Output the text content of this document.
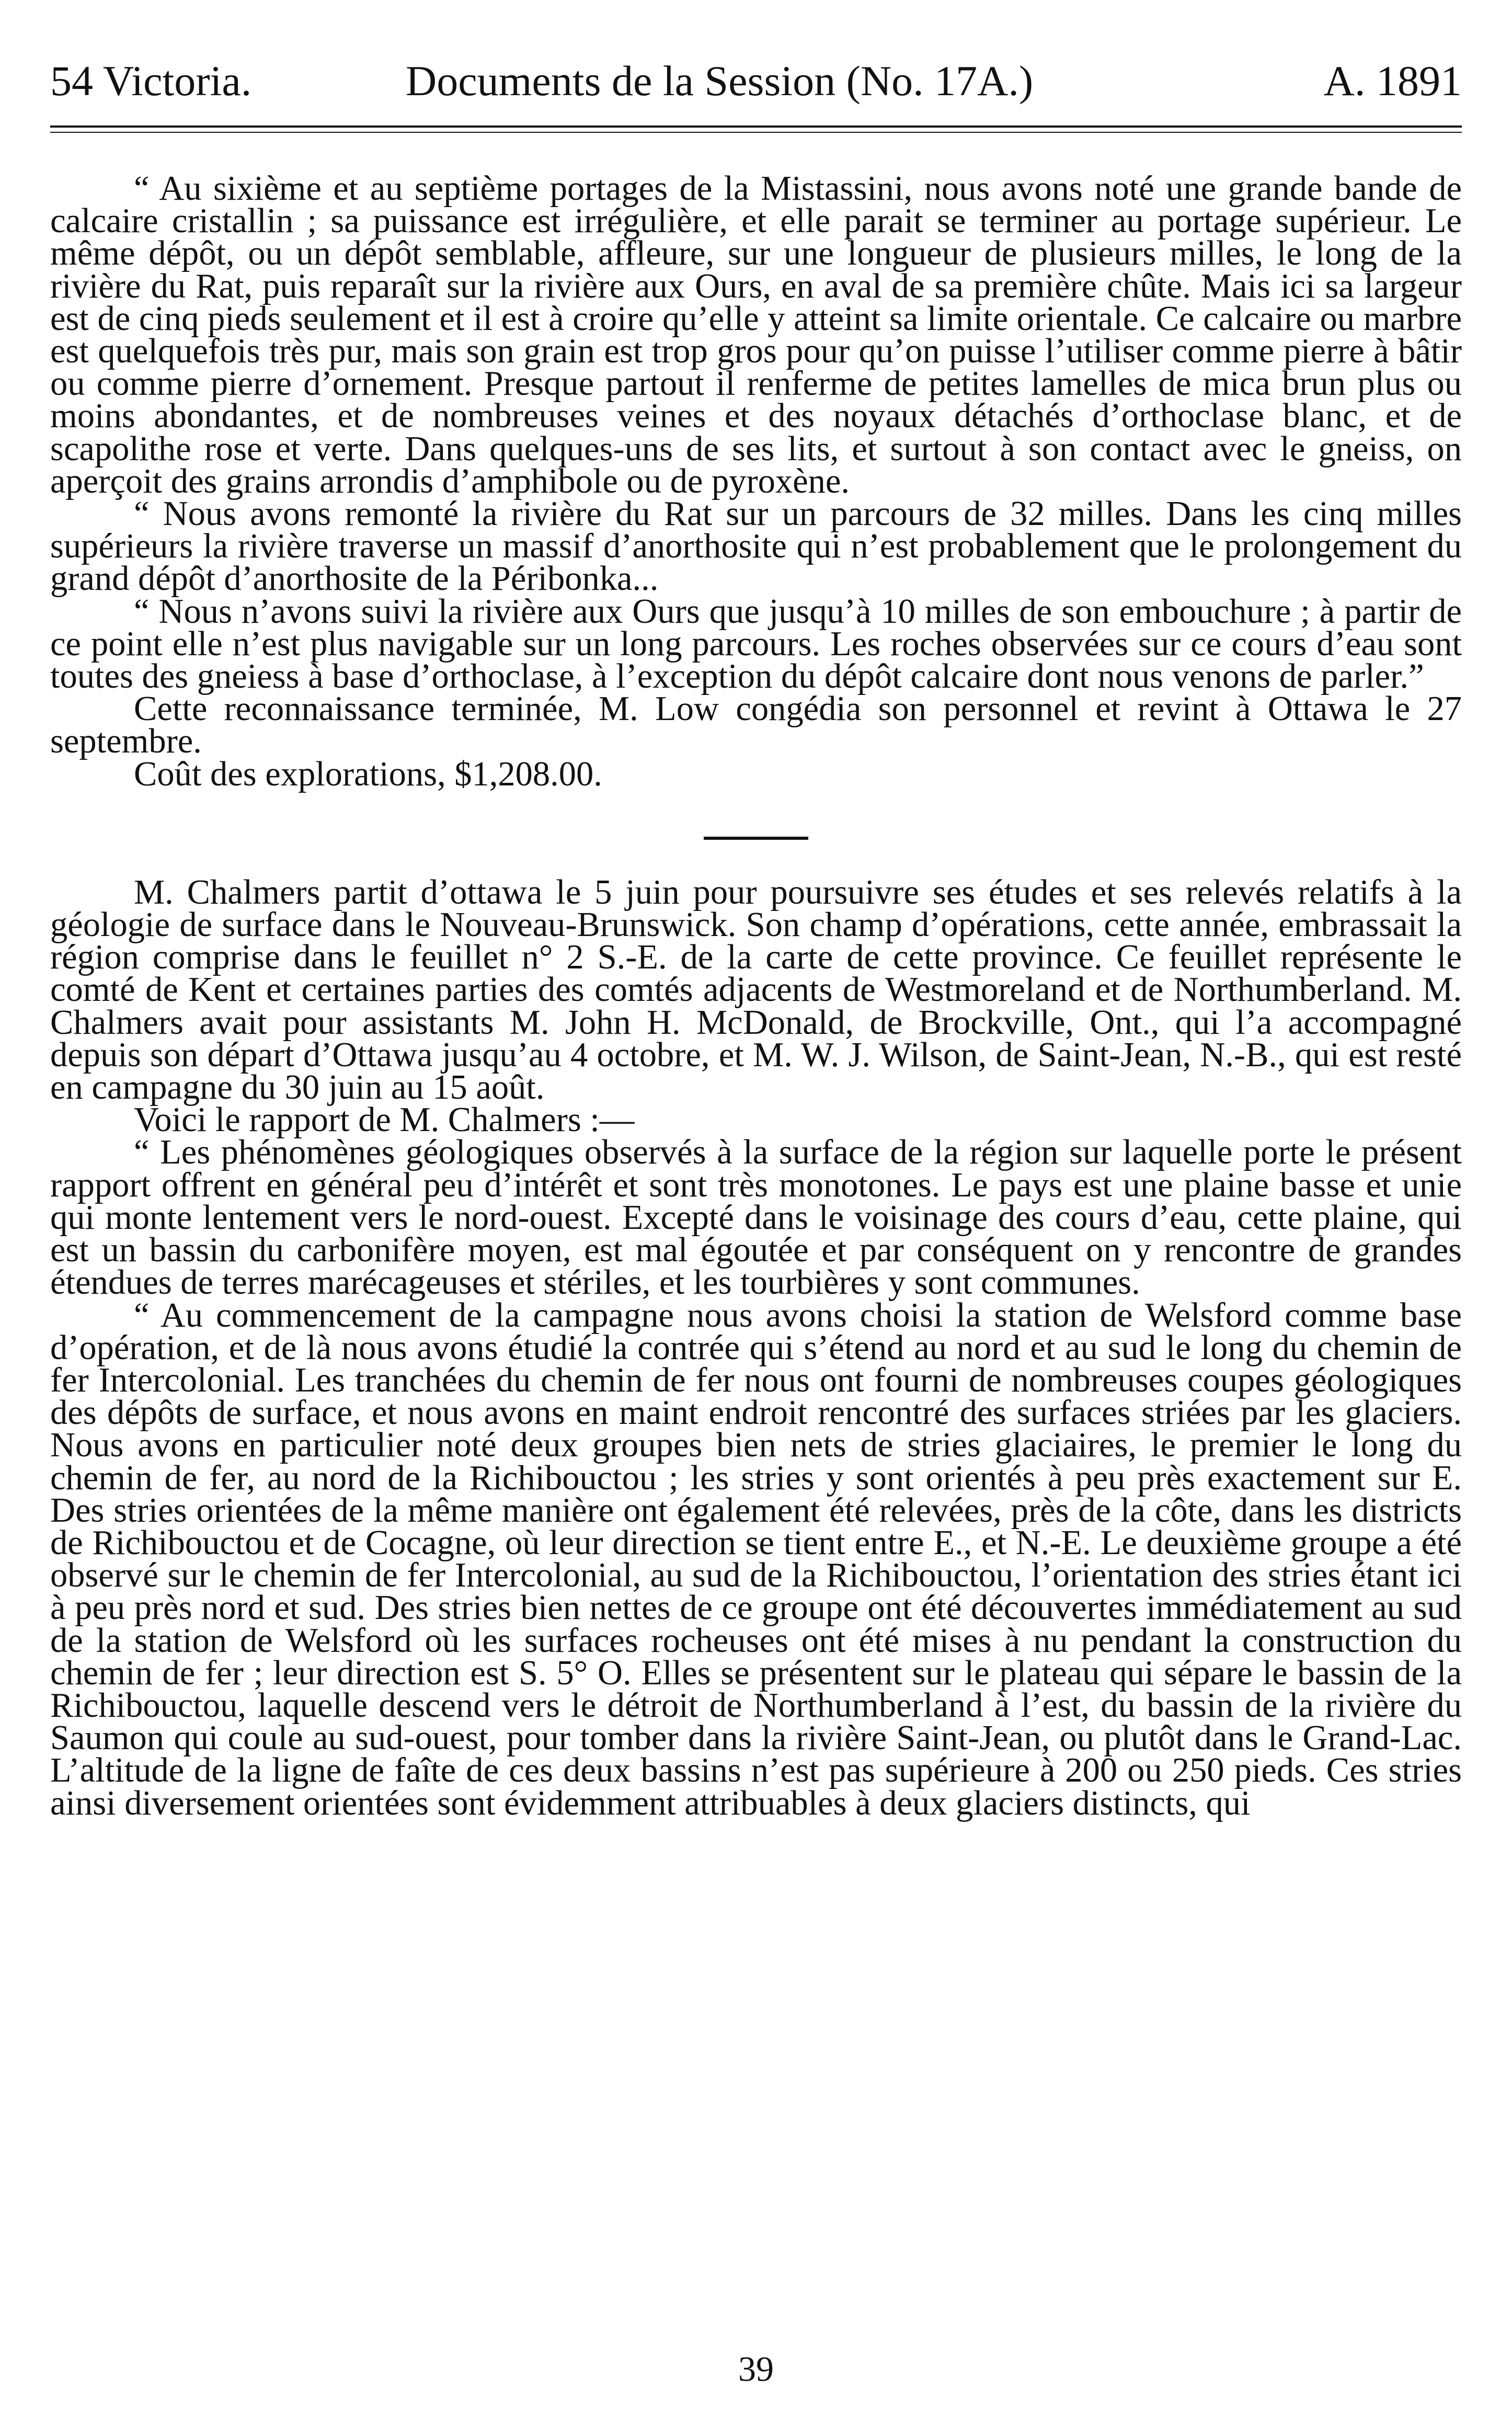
54 Victoria.	Documents de la Session (No. 17A.)	A. 1891

“ Au sixième et au septième portages de la Mistassini, nous avons noté une grande bande de calcaire cristallin ; sa puissance est irrégulière, et elle parait se terminer au portage supérieur. Le même dépôt, ou un dépôt semblable, affleure, sur une longueur de plusieurs milles, le long de la rivière du Rat, puis reparaît sur la rivière aux Ours, en aval de sa première chûte. Mais ici sa largeur est de cinq pieds seulement et il est à croire qu’elle y atteint sa limite orientale. Ce calcaire ou marbre est quelquefois très pur, mais son grain est trop gros pour qu’on puisse l’utiliser comme pierre à bâtir ou comme pierre d’ornement. Presque partout il renferme de petites lamelles de mica brun plus ou moins abondantes, et de nombreuses veines et des noyaux détachés d’orthoclase blanc, et de scapolithe rose et verte. Dans quelques-uns de ses lits, et surtout à son contact avec le gneiss, on aperçoit des grains arrondis d’amphibole ou de pyroxène.

“ Nous avons remonté la rivière du Rat sur un parcours de 32 milles. Dans les cinq milles supérieurs la rivière traverse un massif d’anorthosite qui n’est probablement que le prolongement du grand dépôt d’anorthosite de la Péribonka...

“ Nous n’avons suivi la rivière aux Ours que jusqu’à 10 milles de son embouchure ; à partir de ce point elle n’est plus navigable sur un long parcours. Les roches observées sur ce cours d’eau sont toutes des gneiess à base d’orthoclase, à l’exception du dépôt calcaire dont nous venons de parler.”

Cette reconnaissance terminée, M. Low congédia son personnel et revint à Ottawa le 27 septembre.

Coût des explorations, $1,208.00.

M. Chalmers partit d’ottawa le 5 juin pour poursuivre ses études et ses relevés relatifs à la géologie de surface dans le Nouveau-Brunswick. Son champ d’opérations, cette année, embrassait la région comprise dans le feuillet n° 2 S.-E. de la carte de cette province. Ce feuillet représente le comté de Kent et certaines parties des comtés adjacents de Westmoreland et de Northumberland. M. Chalmers avait pour assistants M. John H. McDonald, de Brockville, Ont., qui l’a accompagné depuis son départ d’Ottawa jusqu’au 4 octobre, et M. W. J. Wilson, de Saint-Jean, N.-B., qui est resté en campagne du 30 juin au 15 août.

Voici le rapport de M. Chalmers :—

“ Les phénomènes géologiques observés à la surface de la région sur laquelle porte le présent rapport offrent en général peu d’intérêt et sont très monotones. Le pays est une plaine basse et unie qui monte lentement vers le nord-ouest. Excepté dans le voisinage des cours d’eau, cette plaine, qui est un bassin du carbonifère moyen, est mal égoutée et par conséquent on y rencontre de grandes étendues de terres marécageuses et stériles, et les tourbières y sont communes.

“ Au commencement de la campagne nous avons choisi la station de Welsford comme base d’opération, et de là nous avons étudié la contrée qui s’étend au nord et au sud le long du chemin de fer Intercolonial. Les tranchées du chemin de fer nous ont fourni de nombreuses coupes géologiques des dépôts de surface, et nous avons en maint endroit rencontré des surfaces striées par les glaciers. Nous avons en particulier noté deux groupes bien nets de stries glaciaires, le premier le long du chemin de fer, au nord de la Richibouctou ; les stries y sont orientés à peu près exactement sur E. Des stries orientées de la même manière ont également été relevées, près de la côte, dans les districts de Richibouctou et de Cocagne, où leur direction se tient entre E., et N.-E. Le deuxième groupe a été observé sur le chemin de fer Intercolonial, au sud de la Richibouctou, l’orientation des stries étant ici à peu près nord et sud. Des stries bien nettes de ce groupe ont été découvertes immédiatement au sud de la station de Welsford où les surfaces rocheuses ont été mises à nu pendant la construction du chemin de fer ; leur direction est S. 5° O. Elles se présentent sur le plateau qui sépare le bassin de la Richibouctou, laquelle descend vers le détroit de Northumberland à l’est, du bassin de la rivière du Saumon qui coule au sud-ouest, pour tomber dans la rivière Saint-Jean, ou plutôt dans le Grand-Lac. L’altitude de la ligne de faîte de ces deux bassins n’est pas supérieure à 200 ou 250 pieds. Ces stries ainsi diversement orientées sont évidemment attribuables à deux glaciers distincts, qui

39
